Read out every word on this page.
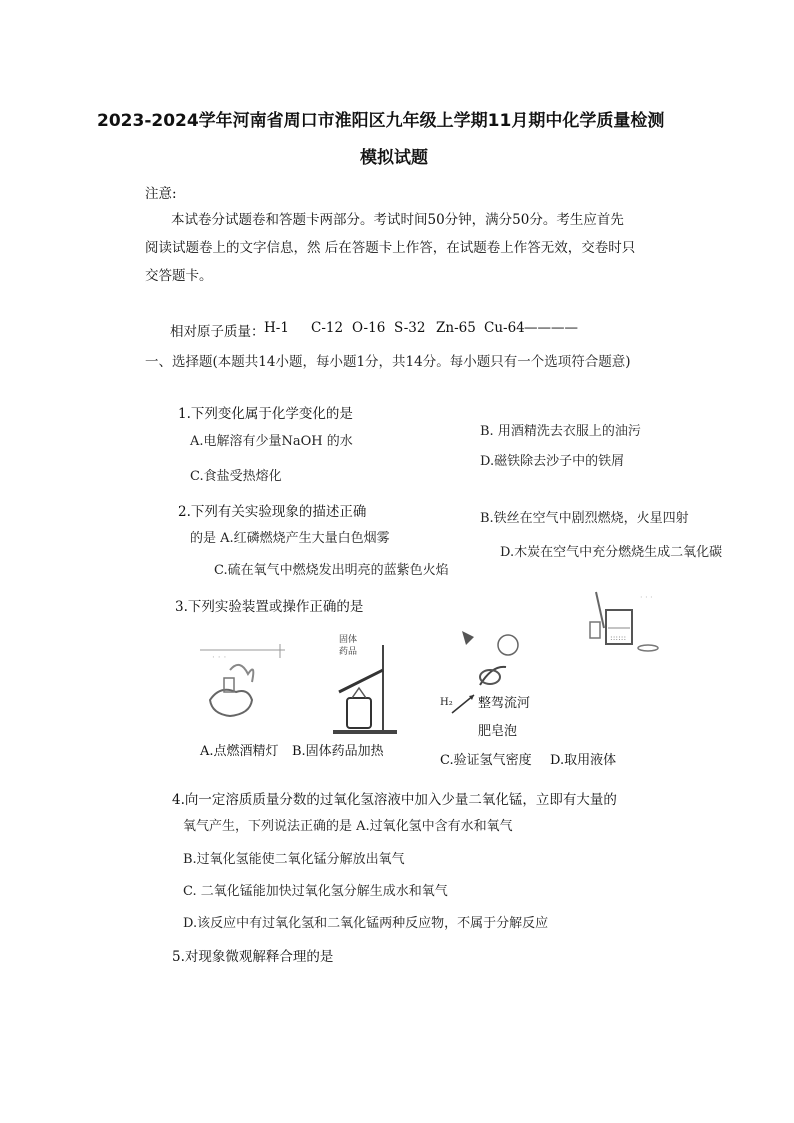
2023-2024学年河南省周口市淮阳区九年级上学期11月期中化学质量检测
模拟试题
注意:
本试卷分试题卷和答题卡两部分。考试时间50分钟，满分50分。考生应首先
阅读试题卷上的文字信息，然 后在答题卡上作答，在试题卷上作答无效，交卷时只
交答题卡。
相对原子质量： H-1 C-12 O-16 S-32 Zn-65 Cu-64 ————
一、选择题(本题共14小题，每小题1分，共14分。每小题只有一个选项符合题意)
1.下列变化属于化学变化的是
A.电解溶有少量NaOH 的水
B. 用酒精洗去衣服上的油污
C.食盐受热熔化
D.磁铁除去沙子中的铁屑
2.下列有关实验现象的描述正确
的是 A.红磷燃烧产生大量白色烟雾
B.铁丝在空气中剧烈燃烧，火星四射
C.硫在氧气中燃烧发出明亮的蓝紫色火焰
D.木炭在空气中充分燃烧生成二氧化碳
3.下列实验装置或操作正确的是
· · ·
固体
药品
H₂ 整驾流河
肥皂泡
::::::
· · ·
A.点燃酒精灯 B.固体药品加热
C.验证氢气密度 D.取用液体
4.向一定溶质质量分数的过氧化氢溶液中加入少量二氧化锰，立即有大量的
氧气产生，下列说法正确的是 A.过氧化氢中含有水和氧气
B.过氧化氢能使二氧化锰分解放出氧气
C. 二氧化锰能加快过氧化氢分解生成水和氧气
D.该反应中有过氧化氢和二氧化锰两种反应物，不属于分解反应
5.对现象微观解释合理的是
